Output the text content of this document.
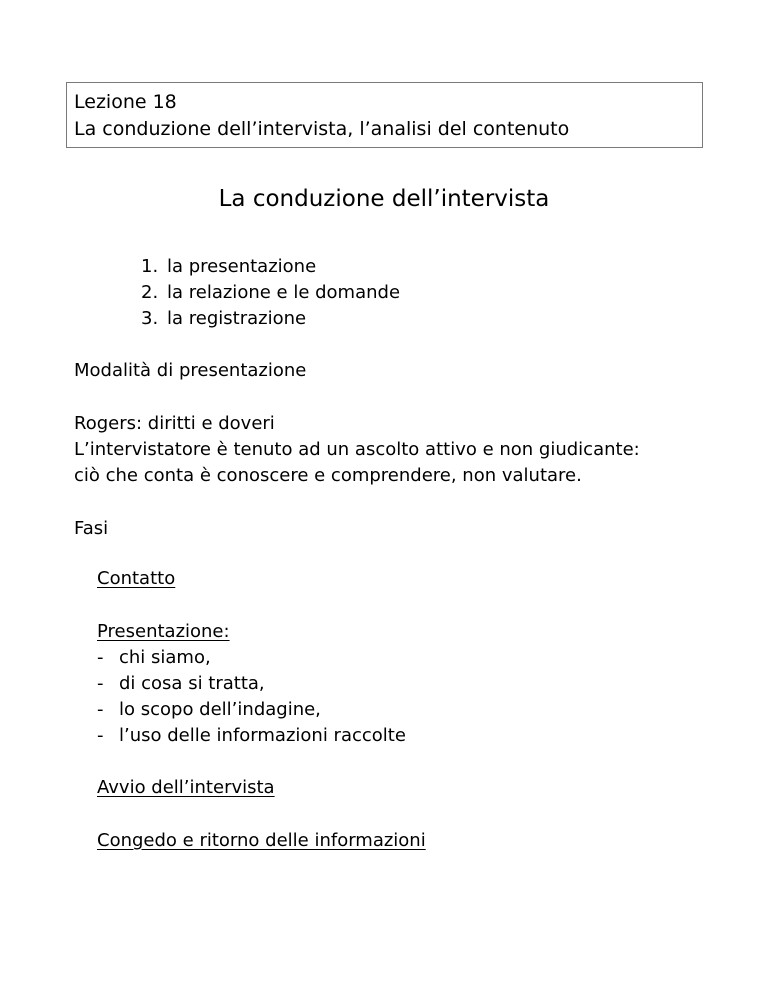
Lezione 18
La conduzione dell’intervista, l’analisi del contenuto
La conduzione dell’intervista
1. la presentazione
2. la relazione e le domande
3. la registrazione
Modalità di presentazione
Rogers: diritti e doveri
L’intervistatore è tenuto ad un ascolto attivo e non giudicante:
ciò che conta è conoscere e comprendere, non valutare.
Fasi
Contatto
Presentazione:
- chi siamo,
- di cosa si tratta,
- lo scopo dell’indagine,
- l’uso delle informazioni raccolte
Avvio dell’intervista
Congedo e ritorno delle informazioni
